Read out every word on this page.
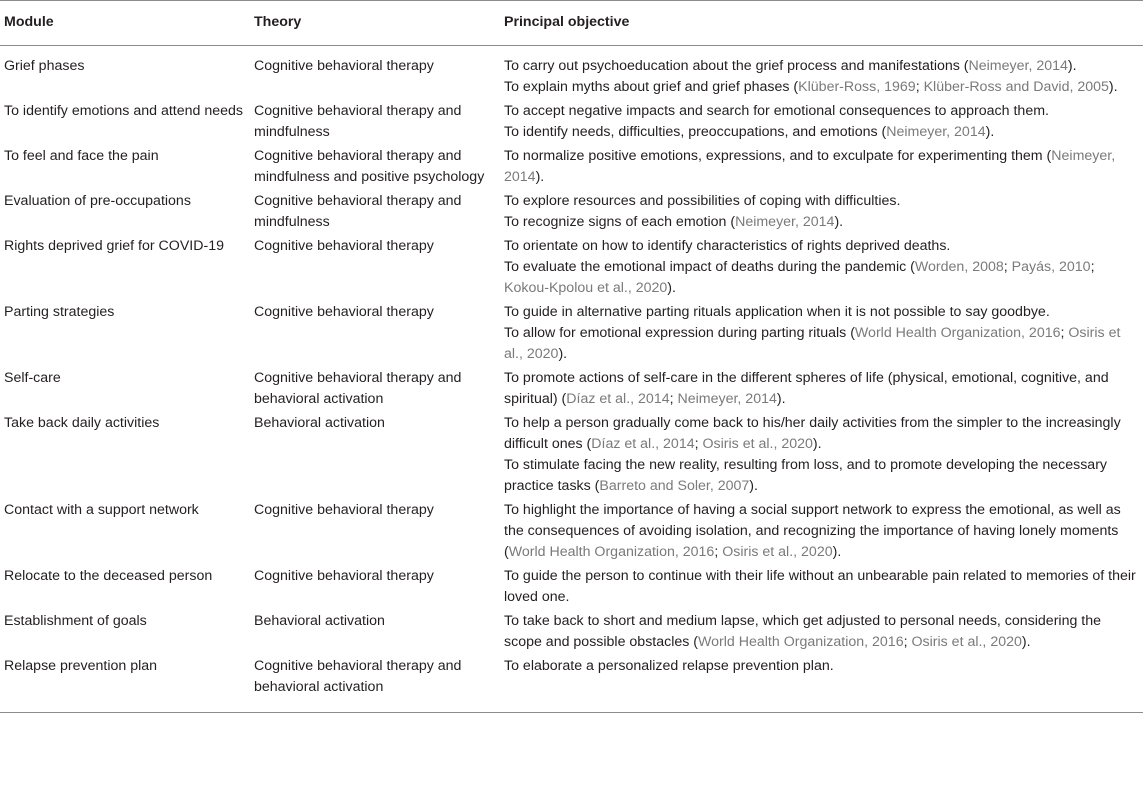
Module	Theory	Principal objective
Grief phases	Cognitive behavioral therapy	To carry out psychoeducation about the grief process and manifestations (Neimeyer, 2014).
To explain myths about grief and grief phases (Klüber-Ross, 1969; Klüber-Ross and David, 2005).

To identify emotions and attend needs	Cognitive behavioral therapy and mindfulness	To accept negative impacts and search for emotional consequences to approach them.
To identify needs, difficulties, preoccupations, and emotions (Neimeyer, 2014).

To feel and face the pain	Cognitive behavioral therapy and mindfulness and positive psychology	To normalize positive emotions, expressions, and to exculpate for experimenting them (Neimeyer, 2014).

Evaluation of pre-occupations	Cognitive behavioral therapy and mindfulness	To explore resources and possibilities of coping with difficulties.
To recognize signs of each emotion (Neimeyer, 2014).

Rights deprived grief for COVID-19	Cognitive behavioral therapy	To orientate on how to identify characteristics of rights deprived deaths.
To evaluate the emotional impact of deaths during the pandemic (Worden, 2008; Payás, 2010; Kokou-Kpolou et al., 2020).

Parting strategies	Cognitive behavioral therapy	To guide in alternative parting rituals application when it is not possible to say goodbye.
To allow for emotional expression during parting rituals (World Health Organization, 2016; Osiris et al., 2020).

Self-care	Cognitive behavioral therapy and behavioral activation	To promote actions of self-care in the different spheres of life (physical, emotional, cognitive, and spiritual) (Díaz et al., 2014; Neimeyer, 2014).

Take back daily activities	Behavioral activation	To help a person gradually come back to his/her daily activities from the simpler to the increasingly difficult ones (Díaz et al., 2014; Osiris et al., 2020).
To stimulate facing the new reality, resulting from loss, and to promote developing the necessary practice tasks (Barreto and Soler, 2007).

Contact with a support network	Cognitive behavioral therapy	To highlight the importance of having a social support network to express the emotional, as well as the consequences of avoiding isolation, and recognizing the importance of having lonely moments (World Health Organization, 2016; Osiris et al., 2020).

Relocate to the deceased person	Cognitive behavioral therapy	To guide the person to continue with their life without an unbearable pain related to memories of their loved one.

Establishment of goals	Behavioral activation	To take back to short and medium lapse, which get adjusted to personal needs, considering the scope and possible obstacles (World Health Organization, 2016; Osiris et al., 2020).

Relapse prevention plan	Cognitive behavioral therapy and behavioral activation	To elaborate a personalized relapse prevention plan.
